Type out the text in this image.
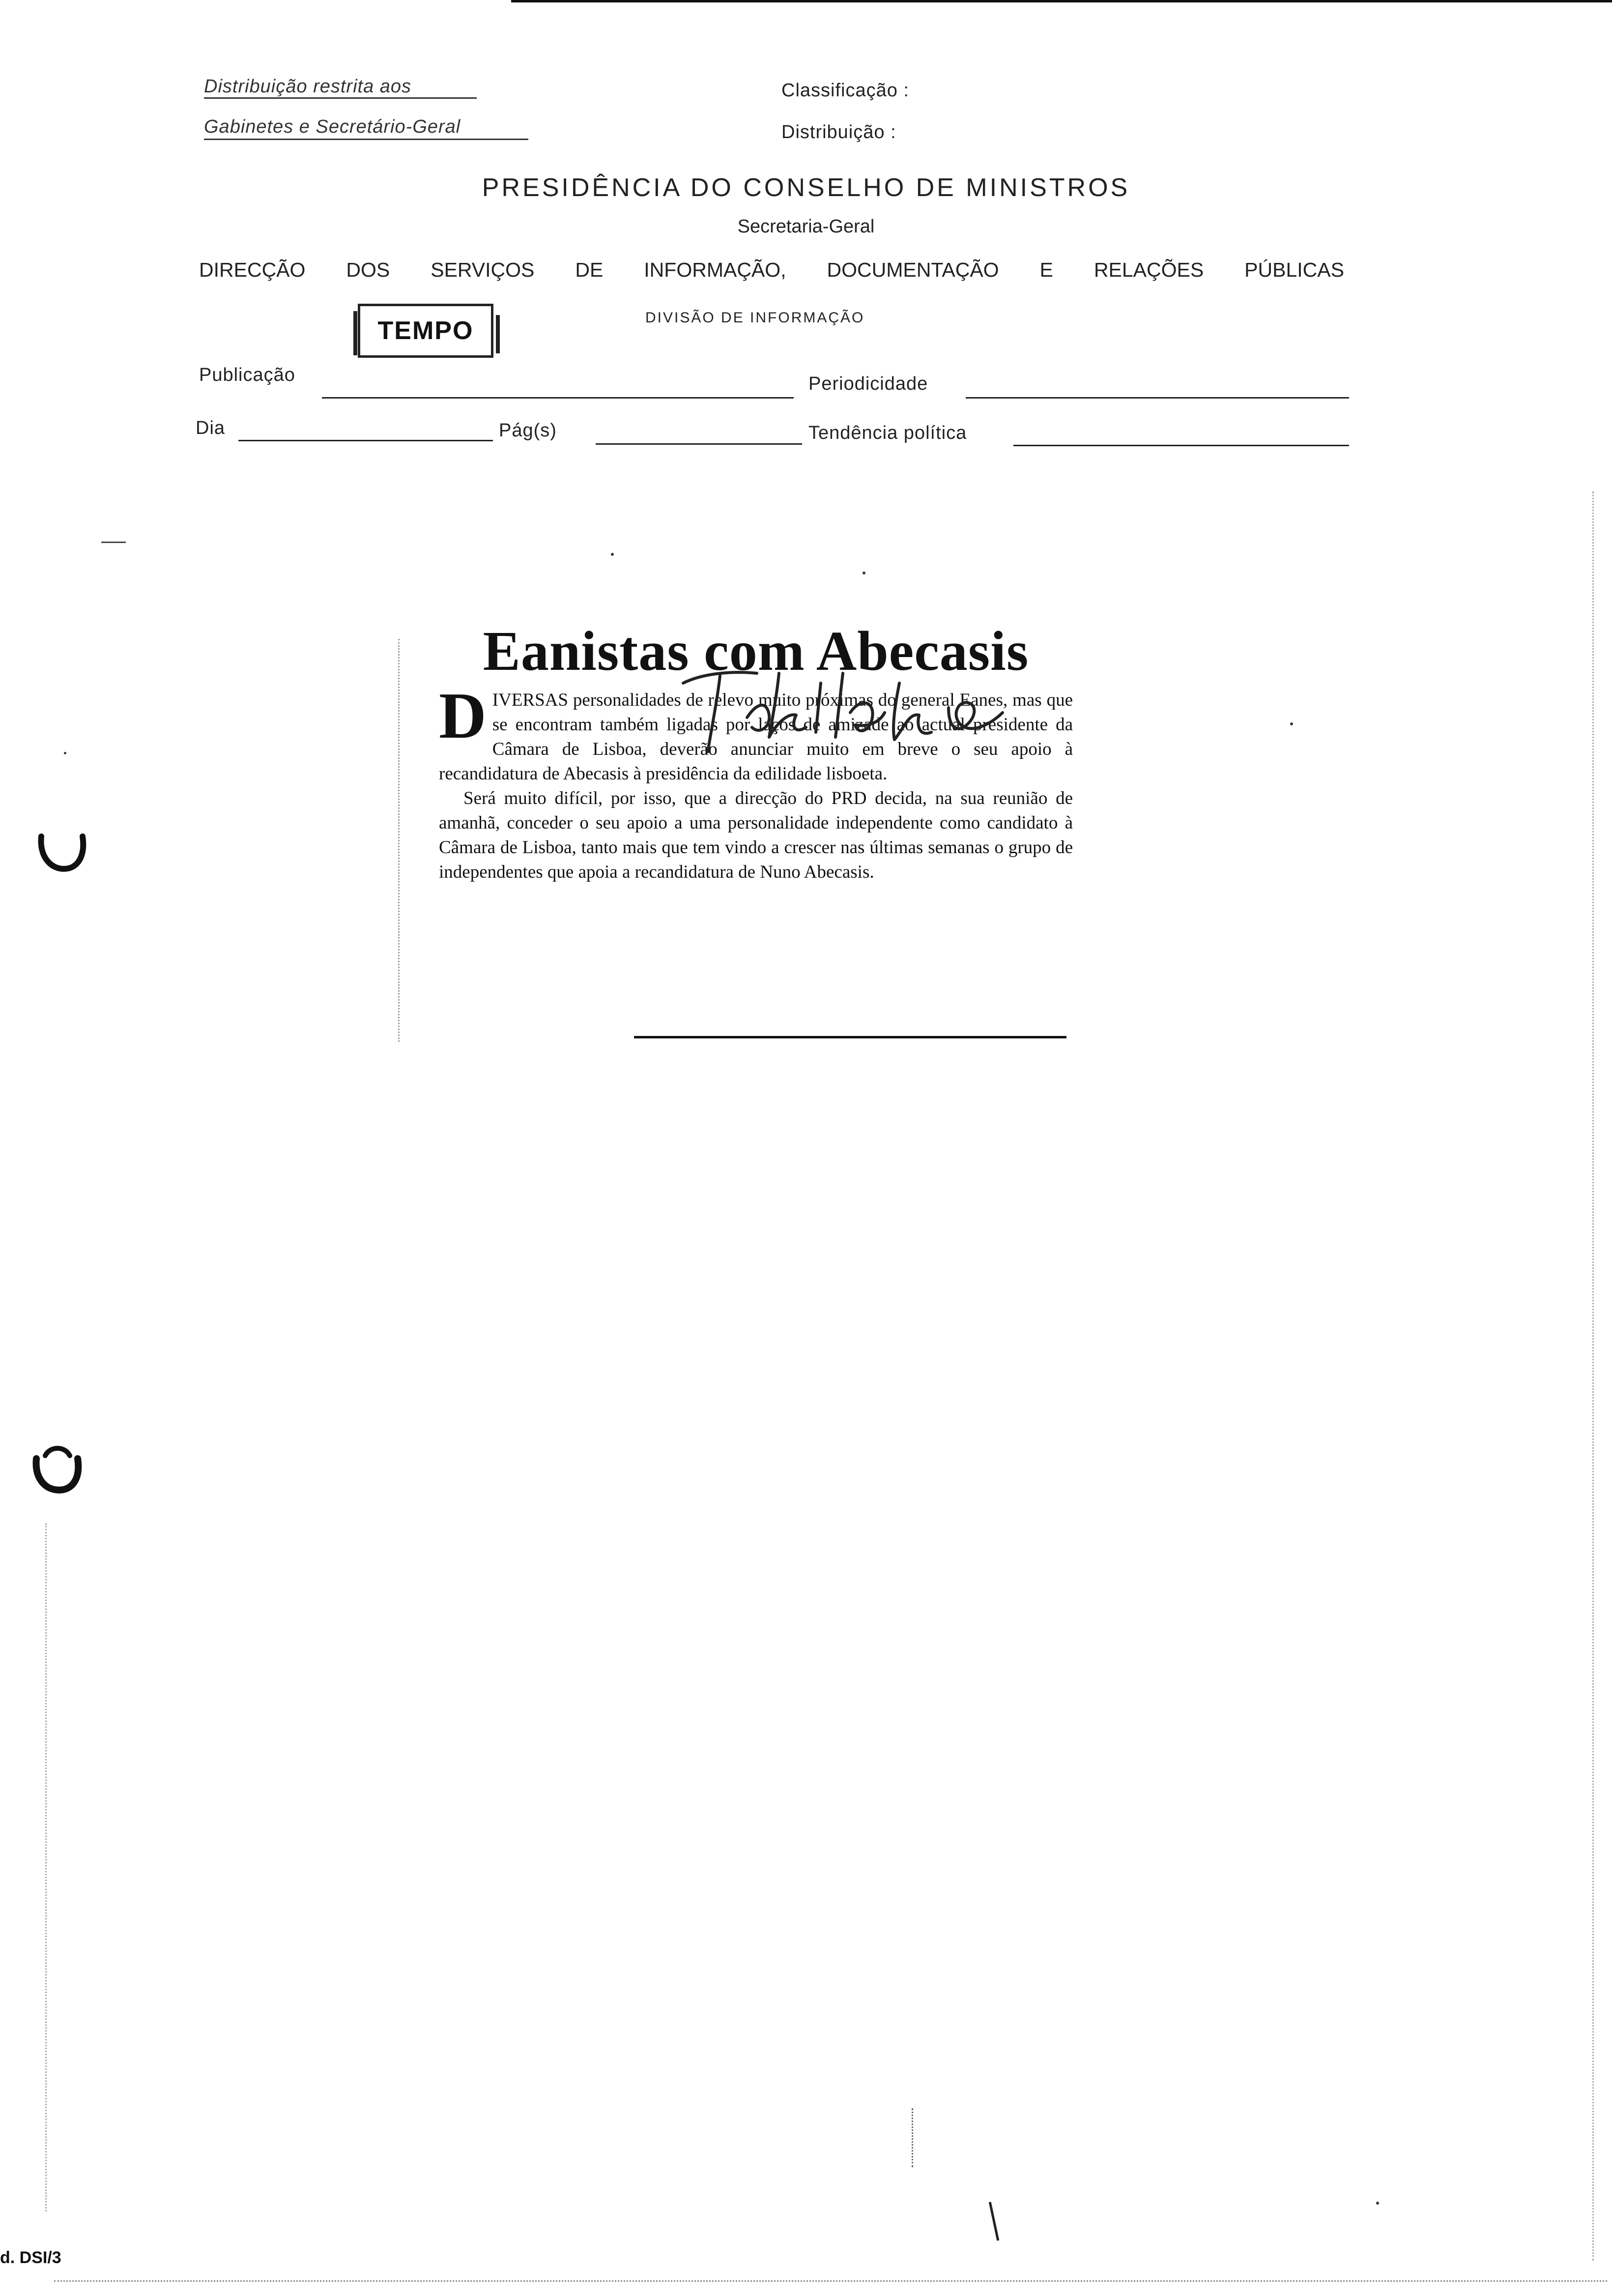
Distribuição restrita aos
Gabinetes e Secretário-Geral
Classificação :
Distribuição :
PRESIDÊNCIA DO CONSELHO DE MINISTROS
Secretaria-Geral
DIRECÇÃO DOS SERVIÇOS DE INFORMAÇÃO, DOCUMENTAÇÃO E RELAÇÕES PÚBLICAS
DIVISÃO DE INFORMAÇÃO
TEMPO
Publicação	Periodicidade
Dia	Pág(s)	Tendência política
Eanistas com Abecasis

DIVERSAS personalidades de relevo muito próximas do general Eanes, mas que se encontram também ligadas por laços de amizade ao actual presidente da Câmara de Lisboa, deverão anunciar muito em breve o seu apoio à recandidatura de Abecasis à presidência da edilidade lisboeta.

Será muito difícil, por isso, que a direcção do PRD decida, na sua reunião de amanhã, conceder o seu apoio a uma personalidade independente como candidato à Câmara de Lisboa, tanto mais que tem vindo a crescer nas últimas semanas o grupo de independentes que apoia a recandidatura de Nuno Abecasis.

d. DSI/3
